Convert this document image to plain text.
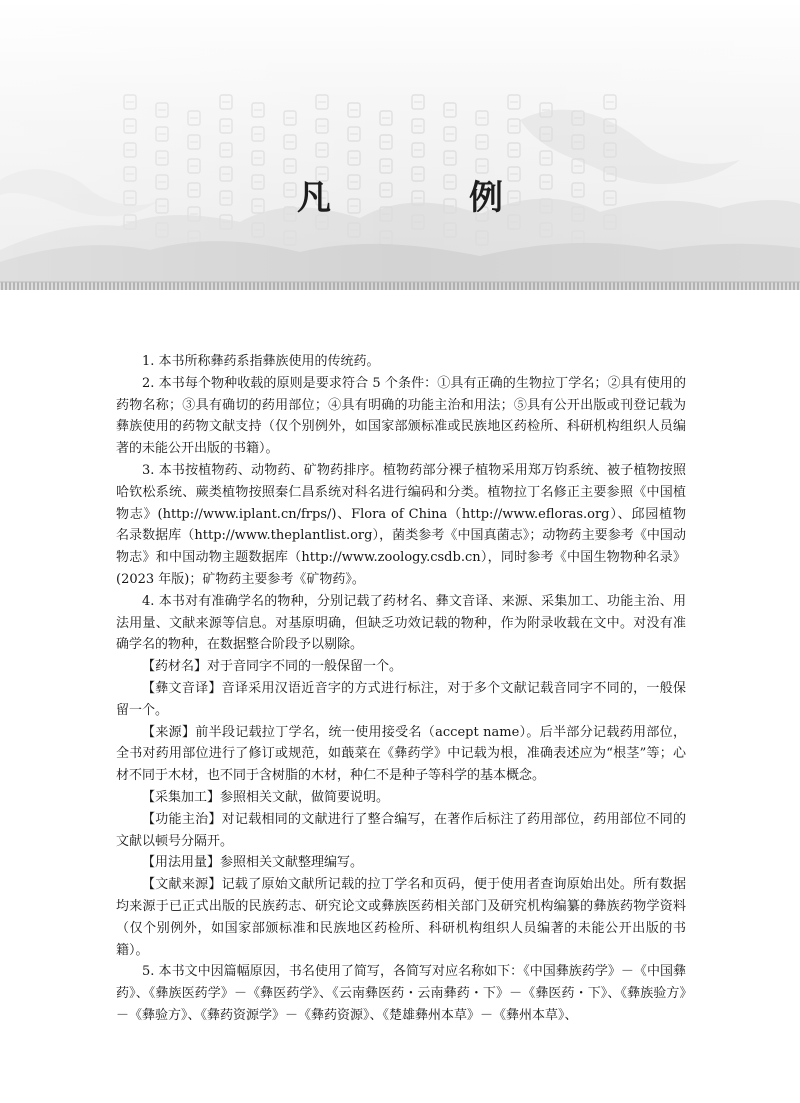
凡　例

1. 本书所称彝药系指彝族使用的传统药。

2. 本书每个物种收载的原则是要求符合 5 个条件：①具有正确的生物拉丁学名；②具有使用的药物名称；③具有确切的药用部位；④具有明确的功能主治和用法；⑤具有公开出版或刊登记载为彝族使用的药物文献支持（仅个别例外，如国家部颁标准或民族地区药检所、科研机构组织人员编著的未能公开出版的书籍）。

3. 本书按植物药、动物药、矿物药排序。植物药部分裸子植物采用郑万钧系统、被子植物按照哈钦松系统、蕨类植物按照秦仁昌系统对科名进行编码和分类。植物拉丁名修正主要参照《中国植物志》(http://www.iplant.cn/frps/)、Flora of China（http://www.efloras.org）、邱园植物名录数据库（http://www.theplantlist.org），菌类参考《中国真菌志》；动物药主要参考《中国动物志》和中国动物主题数据库（http://www.zoology.csdb.cn），同时参考《中国生物物种名录》(2023 年版)；矿物药主要参考《矿物药》。

4. 本书对有准确学名的物种，分别记载了药材名、彝文音译、来源、采集加工、功能主治、用法用量、文献来源等信息。对基原明确，但缺乏功效记载的物种，作为附录收载在文中。对没有准确学名的物种，在数据整合阶段予以剔除。

【药材名】对于音同字不同的一般保留一个。

【彝文音译】音译采用汉语近音字的方式进行标注，对于多个文献记载音同字不同的，一般保留一个。

【来源】前半段记载拉丁学名，统一使用接受名（accept name）。后半部分记载药用部位，全书对药用部位进行了修订或规范，如蕺菜在《彝药学》中记载为根，准确表述应为“根茎”等；心材不同于木材，也不同于含树脂的木材，种仁不是种子等科学的基本概念。

【采集加工】参照相关文献，做简要说明。

【功能主治】对记载相同的文献进行了整合编写，在著作后标注了药用部位，药用部位不同的文献以顿号分隔开。

【用法用量】参照相关文献整理编写。

【文献来源】记载了原始文献所记载的拉丁学名和页码，便于使用者查询原始出处。所有数据均来源于已正式出版的民族药志、研究论文或彝族医药相关部门及研究机构编纂的彝族药物学资料（仅个别例外，如国家部颁标准和民族地区药检所、科研机构组织人员编著的未能公开出版的书籍）。

5. 本书文中因篇幅原因，书名使用了简写，各简写对应名称如下：《中国彝族药学》－《中国彝药》、《彝族医药学》－《彝医药学》、《云南彝医药・云南彝药・下》－《彝医药・下》、《彝族验方》－《彝验方》、《彝药资源学》－《彝药资源》、《楚雄彝州本草》－《彝州本草》、
